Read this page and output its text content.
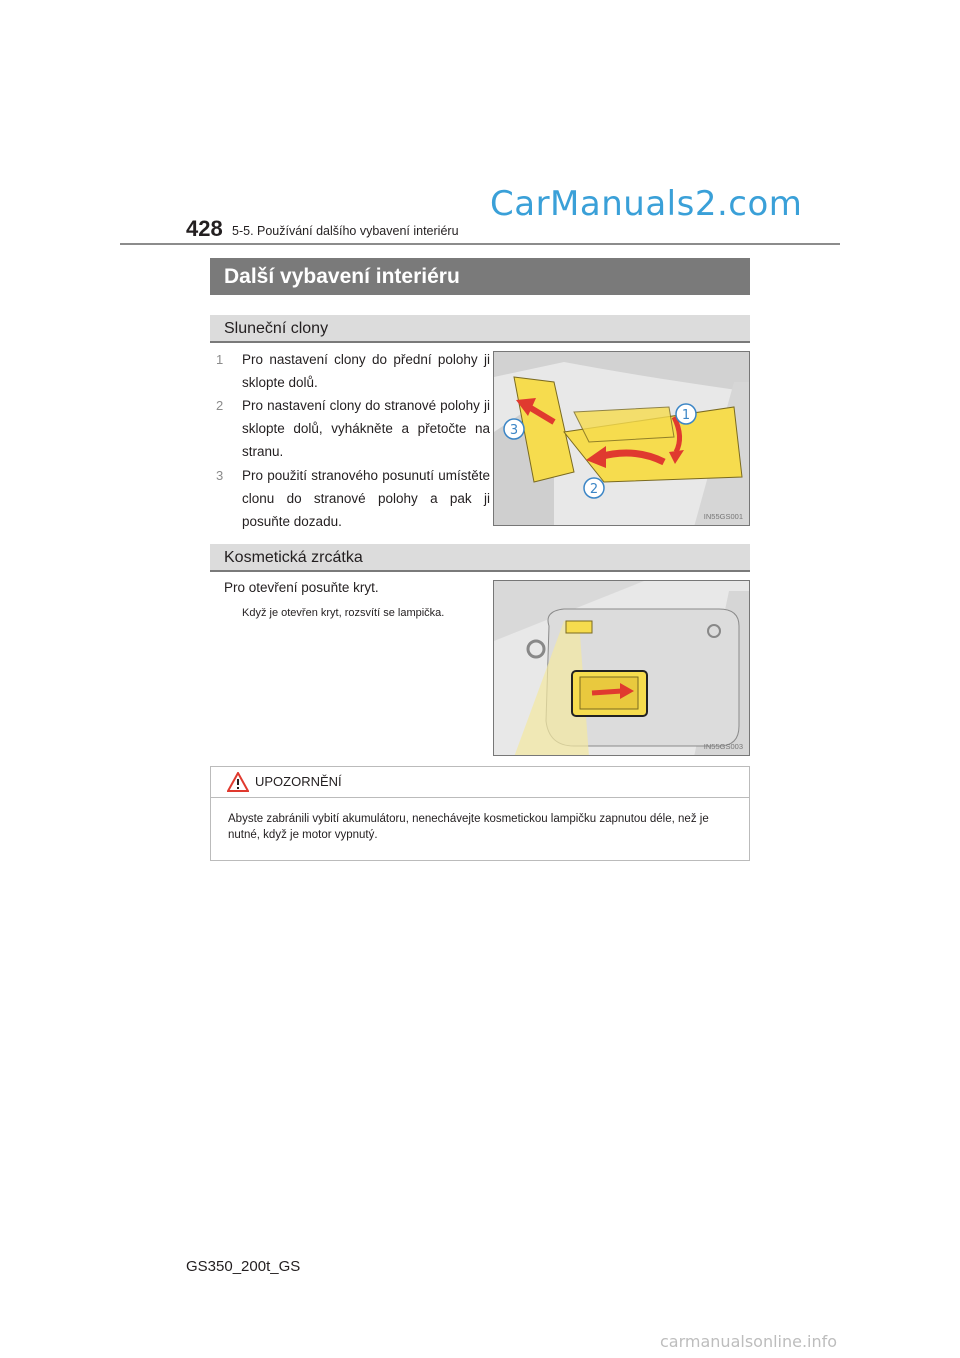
CarManuals2.com
428 5-5. Používání dalšího vybavení interiéru
Další vybavení interiéru
Sluneční clony
1 Pro nastavení clony do přední polohy ji sklopte dolů.
2 Pro nastavení clony do stranové polohy ji sklopte dolů, vyhákněte a přetočte na stranu.
3 Pro použití stranového posunutí umístěte clonu do stranové polohy a pak ji posuňte dozadu.
1
2
3
IN55GS001
Kosmetická zrcátka
Pro otevření posuňte kryt.
Když je otevřen kryt, rozsvítí se lampička.
IN55GS003
UPOZORNĚNÍ
Abyste zabránili vybití akumulátoru, nenechávejte kosmetickou lampičku zapnutou déle, než je nutné, když je motor vypnutý.
GS350_200t_GS
carmanualsonline.info
